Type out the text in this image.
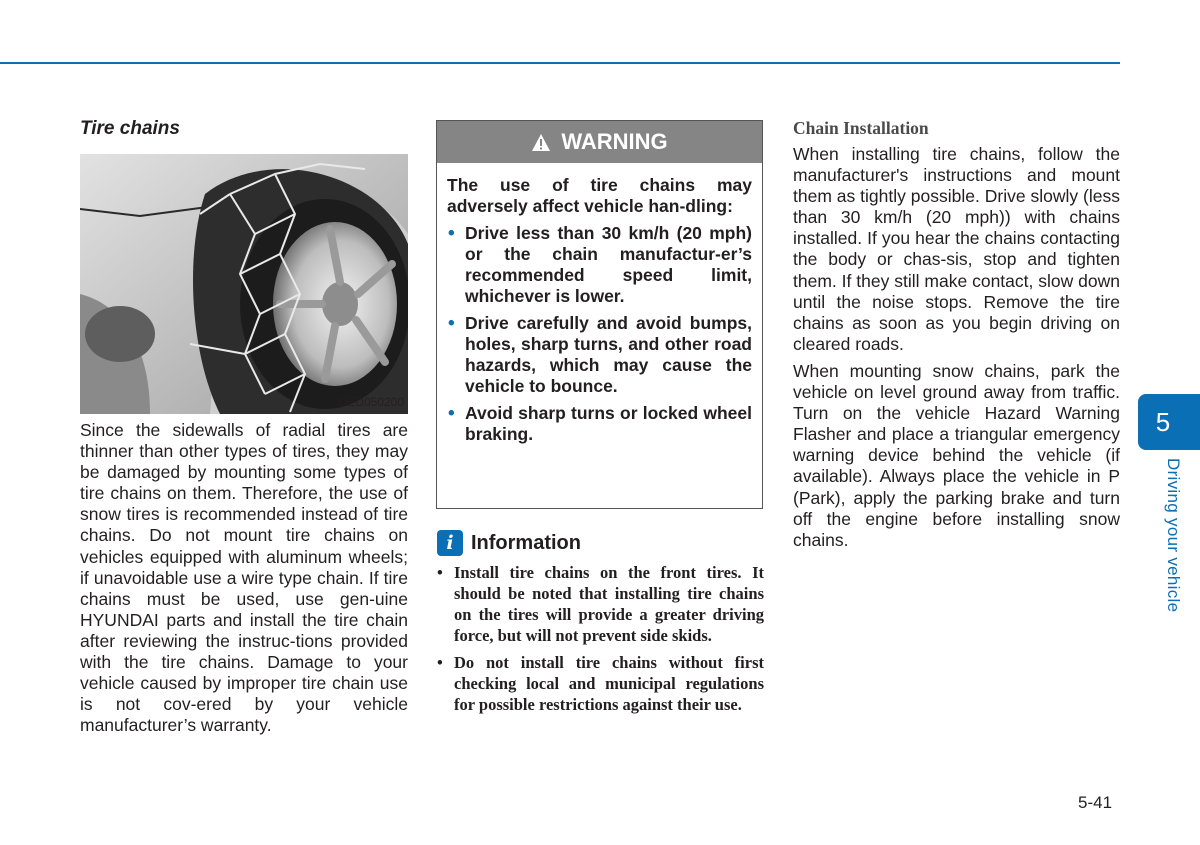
Tire chains
OED050200

Since the sidewalls of radial tires are thinner than other types of tires, they may be damaged by mounting some types of tire chains on them. Therefore, the use of snow tires is recommended instead of tire chains. Do not mount tire chains on vehicles equipped with aluminum wheels; if unavoidable use a wire type chain. If tire chains must be used, use gen-uine HYUNDAI parts and install the tire chain after reviewing the instruc-tions provided with the tire chains. Damage to your vehicle caused by improper tire chain use is not cov-ered by your vehicle manufacturer’s warranty.

WARNING

The use of tire chains may adversely affect vehicle han-dling:

• Drive less than 30 km/h (20 mph) or the chain manufactur-er’s recommended speed limit, whichever is lower.
• Drive carefully and avoid bumps, holes, sharp turns, and other road hazards, which may cause the vehicle to bounce.
• Avoid sharp turns or locked wheel braking.
i Information
• Install tire chains on the front tires. It should be noted that installing tire chains on the tires will provide a greater driving force, but will not prevent side skids.
• Do not install tire chains without first checking local and municipal regulations for possible restrictions against their use.
Chain Installation

When installing tire chains, follow the manufacturer's instructions and mount them as tightly possible. Drive slowly (less than 30 km/h (20 mph)) with chains installed. If you hear the chains contacting the body or chas-sis, stop and tighten them. If they still make contact, slow down until the noise stops. Remove the tire chains as soon as you begin driving on cleared roads.

When mounting snow chains, park the vehicle on level ground away from traffic. Turn on the vehicle Hazard Warning Flasher and place a triangular emergency warning device behind the vehicle (if available). Always place the vehicle in P (Park), apply the parking brake and turn off the engine before installing snow chains.

5
Driving your vehicle
5-41
